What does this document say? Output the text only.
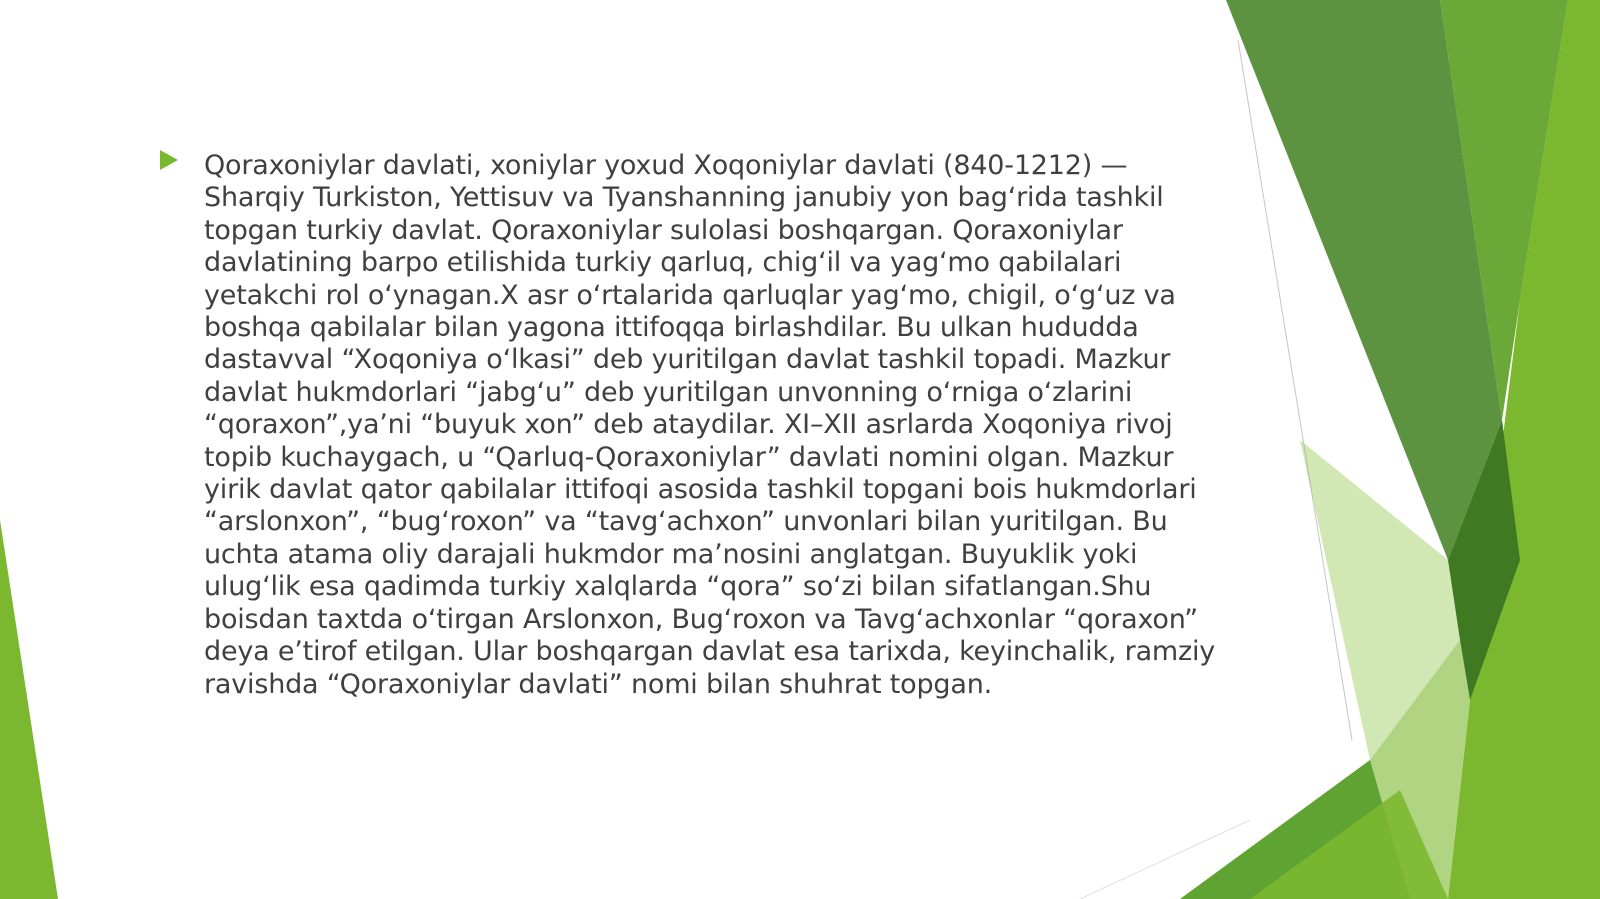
Qoraxoniylar davlati, xoniylar yoxud Xoqoniylar davlati (840-1212) — Sharqiy Turkiston, Yettisuv va Tyanshanning janubiy yon bagʻrida tashkil topgan turkiy davlat. Qoraxoniylar sulolasi boshqargan. Qoraxoniylar davlatining barpo etilishida turkiy qarluq, chigʻil va yagʻmo qabilalari yetakchi rol oʻynagan.X asr oʻrtalarida qarluqlar yagʻmo, chigil, oʻgʻuz va boshqa qabilalar bilan yagona ittifoqqa birlashdilar. Bu ulkan hududda dastavval “Xoqoniya oʻlkasi” deb yuritilgan davlat tashkil topadi. Mazkur davlat hukmdorlari “jabgʻu” deb yuritilgan unvonning oʻrniga oʻzlarini “qoraxon”,yaʼni “buyuk xon” deb ataydilar. XI–XII asrlarda Xoqoniya rivoj topib kuchaygach, u “Qarluq-Qoraxoniylar” davlati nomini olgan. Mazkur yirik davlat qator qabilalar ittifoqi asosida tashkil topgani bois hukmdorlari “arslonxon”, “bugʻroxon” va “tavgʻachxon” unvonlari bilan yuritilgan. Bu uchta atama oliy darajali hukmdor maʼnosini anglatgan. Buyuklik yoki ulugʻlik esa qadimda turkiy xalqlarda “qora” soʻzi bilan sifatlangan.Shu boisdan taxtda oʻtirgan Arslonxon, Bugʻroxon va Tavgʻachxonlar “qoraxon” deya eʼtirof etilgan. Ular boshqargan davlat esa tarixda, keyinchalik, ramziy ravishda “Qoraxoniylar davlati” nomi bilan shuhrat topgan.
